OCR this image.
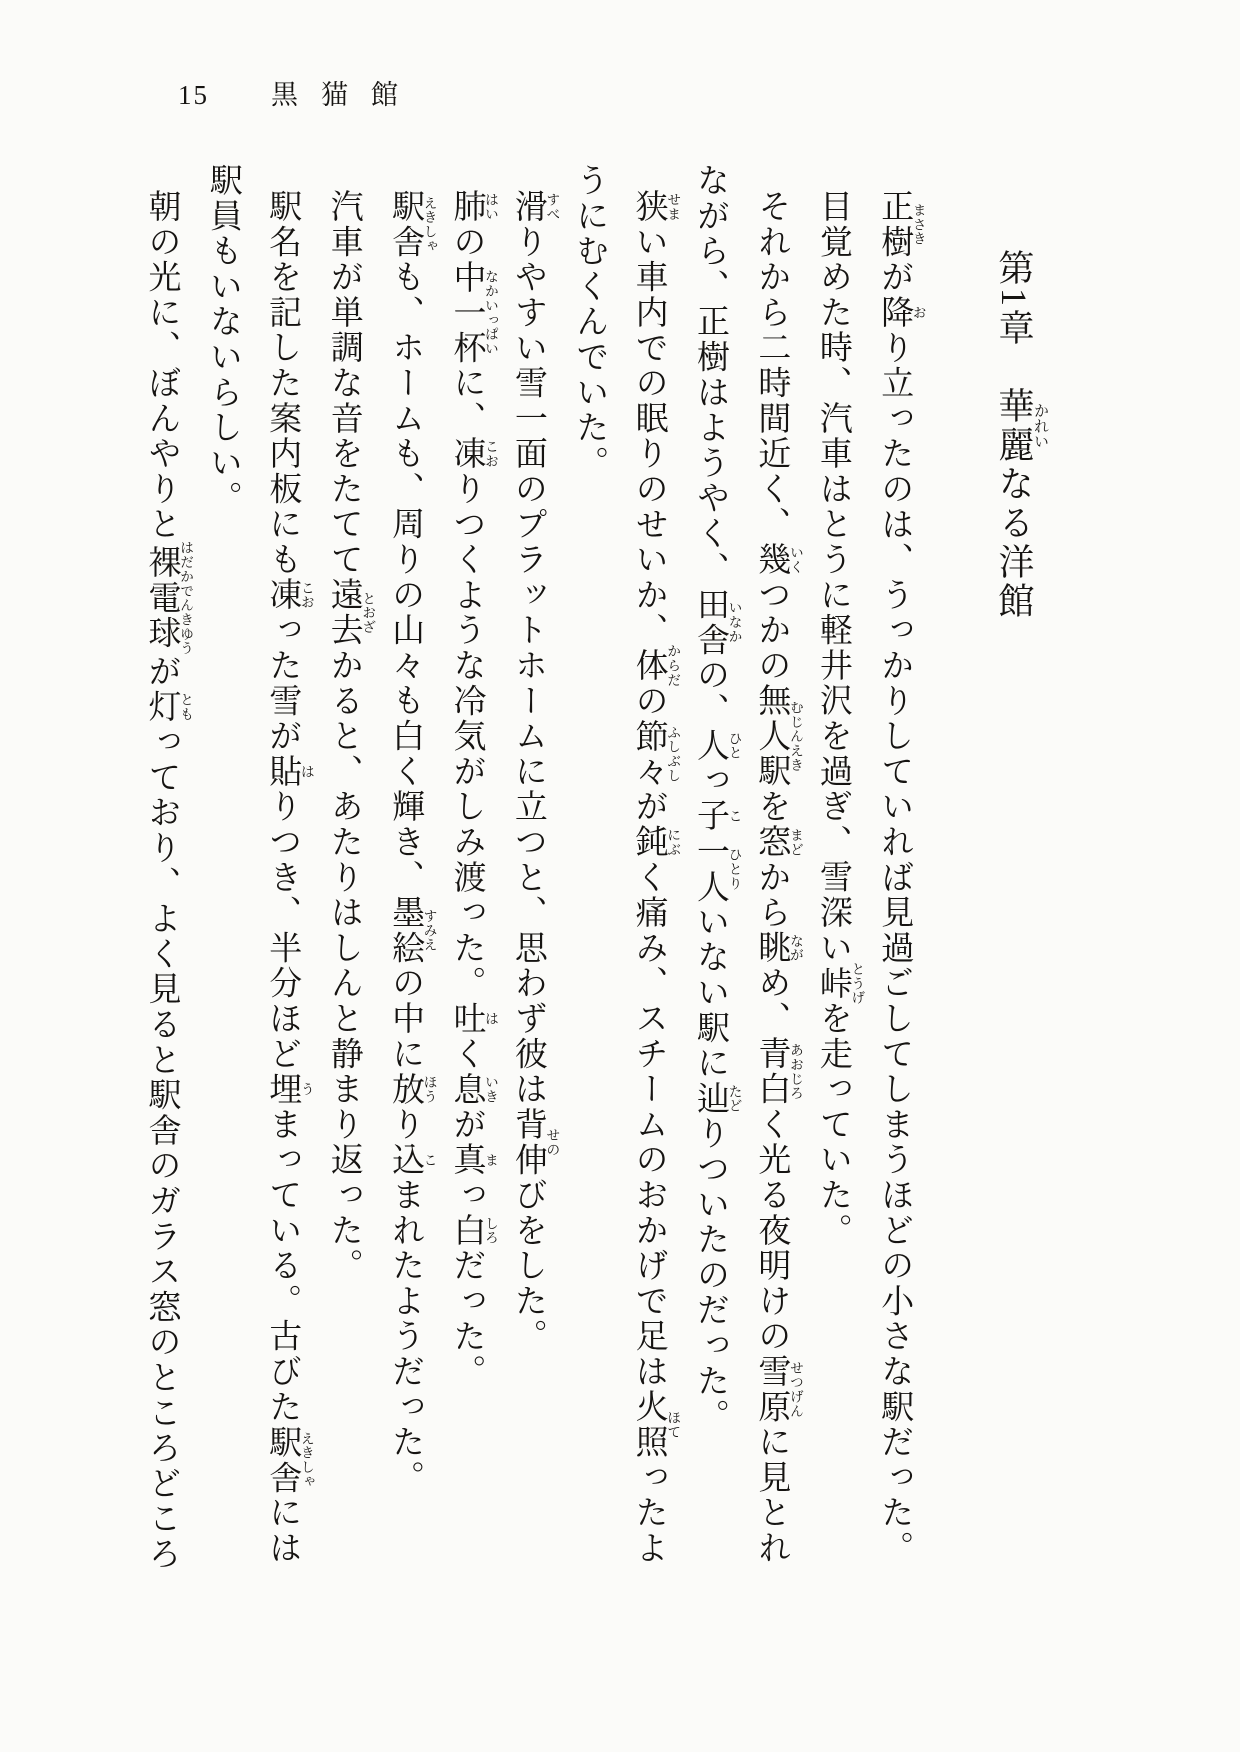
15 黒猫館
第1章　華麗かれいなる洋館
正樹まさきが降おり立ったのは、うっかりしていれば見過ごしてしまうほどの小さな駅だった。
目覚めた時、汽車はとうに軽井沢を過ぎ、雪深い峠とうげを走っていた。
それから二時間近く、幾いくつかの無人駅むじんえきを窓まどから眺ながめ、青白あおじろく光る夜明けの雪原せつげんに見とれ
ながら、正樹はようやく、田舎いなかの、人ひとっ子こ一人ひとりいない駅に辿たどりついたのだった。
狭せまい車内での眠りのせいか、体からだの節々ふしぶしが鈍にぶく痛み、スチームのおかげで足は火照ほてったよ
うにむくんでいた。
滑すべりやすい雪一面のプラットホームに立つと、思わず彼は背伸せのびをした。
肺はいの中一杯なかいっぱいに、凍こおりつくような冷気がしみ渡った。吐はく息いきが真まっ白しろだった。
駅舎えきしゃも、ホームも、周りの山々も白く輝き、墨絵すみえの中に放ほうり込こまれたようだった。
汽車が単調な音をたてて遠去とおざかると、あたりはしんと静まり返った。
駅名を記した案内板にも凍こおった雪が貼はりつき、半分ほど埋うまっている。古びた駅舎えきしゃには
駅員もいないらしい。
朝の光に、ぼんやりと裸電球はだかでんきゆうが灯ともっており、よく見ると駅舎のガラス窓のところどころ
